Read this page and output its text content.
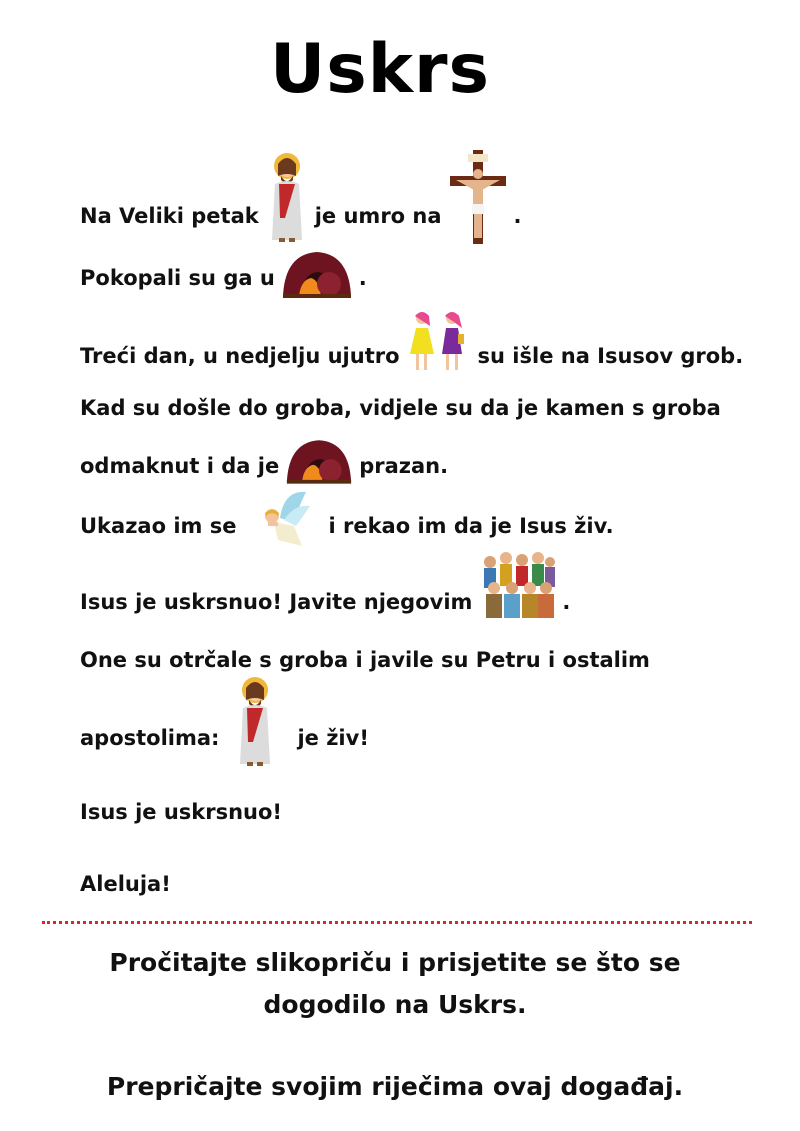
Uskrs
Na Veliki petak	je umro na	.
Pokopali su ga u	.
Treći dan, u nedjelju ujutro	su išle na Isusov grob.
Kad su došle do groba, vidjele su da je kamen s groba
odmaknut i da je	prazan.
Ukazao im se	i rekao im da je Isus živ.
Isus je uskrsnuo! Javite njegovim	.
One su otrčale s groba i javile su Petru i ostalim
apostolima:	je živ!
Isus je uskrsnuo!
Aleluja!
Pročitajte slikopriču i prisjetite se što se
dogodilo na Uskrs.
Prepričajte svojim riječima ovaj događaj.
